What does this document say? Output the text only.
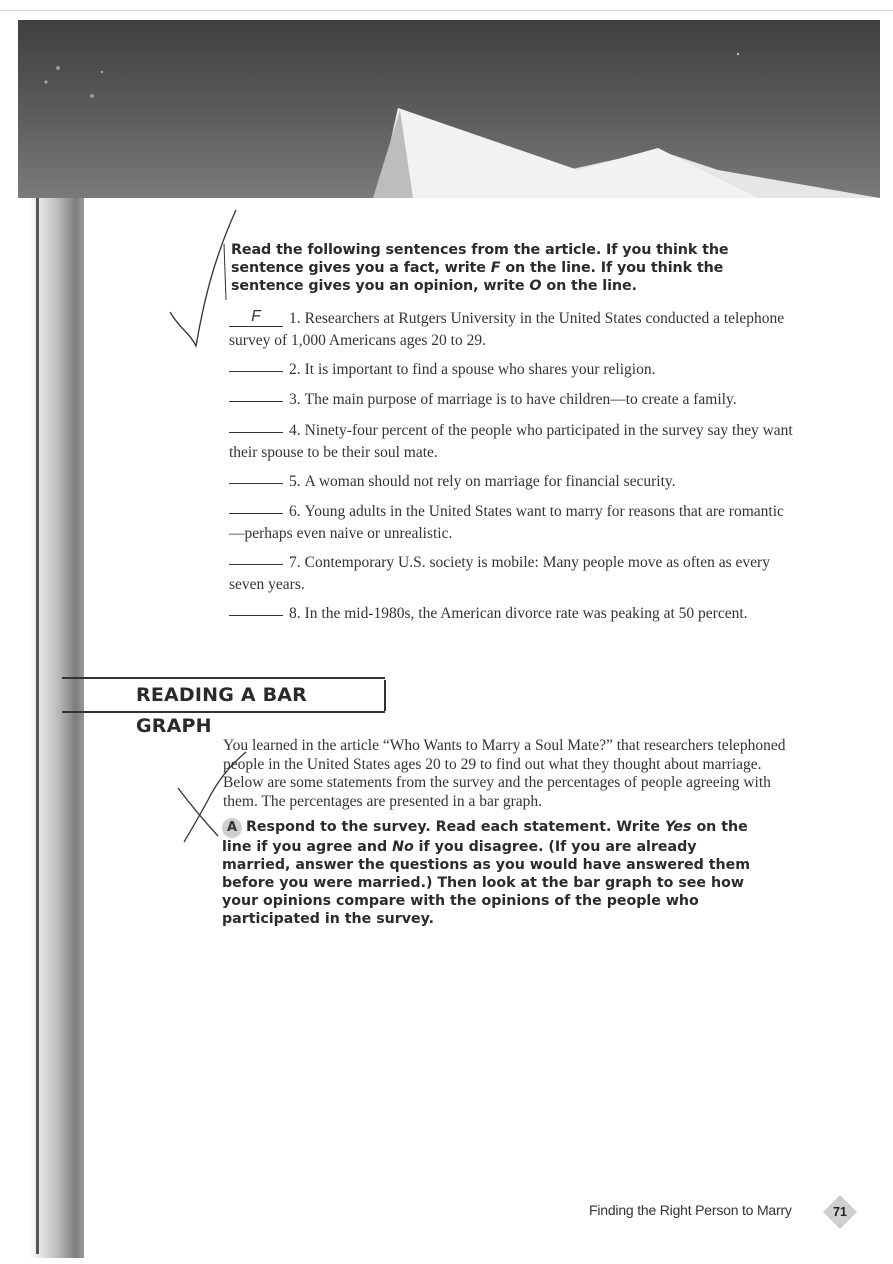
Read the following sentences from the article. If you think the sentence gives you a fact, write F on the line. If you think the sentence gives you an opinion, write O on the line.
F 1. Researchers at Rutgers University in the United States conducted a telephone survey of 1,000 Americans ages 20 to 29.
2. It is important to find a spouse who shares your religion.
3. The main purpose of marriage is to have children—to create a family.
4. Ninety-four percent of the people who participated in the survey say they want their spouse to be their soul mate.
5. A woman should not rely on marriage for financial security.
6. Young adults in the United States want to marry for reasons that are romantic—perhaps even naive or unrealistic.
7. Contemporary U.S. society is mobile: Many people move as often as every seven years.
8. In the mid-1980s, the American divorce rate was peaking at 50 percent.
READING A BAR GRAPH
You learned in the article “Who Wants to Marry a Soul Mate?” that researchers telephoned people in the United States ages 20 to 29 to find out what they thought about marriage. Below are some statements from the survey and the percentages of people agreeing with them. The percentages are presented in a bar graph.
A Respond to the survey. Read each statement. Write Yes on the line if you agree and No if you disagree. (If you are already married, answer the questions as you would have answered them before you were married.) Then look at the bar graph to see how your opinions compare with the opinions of the people who participated in the survey.
Finding the Right Person to Marry	71
